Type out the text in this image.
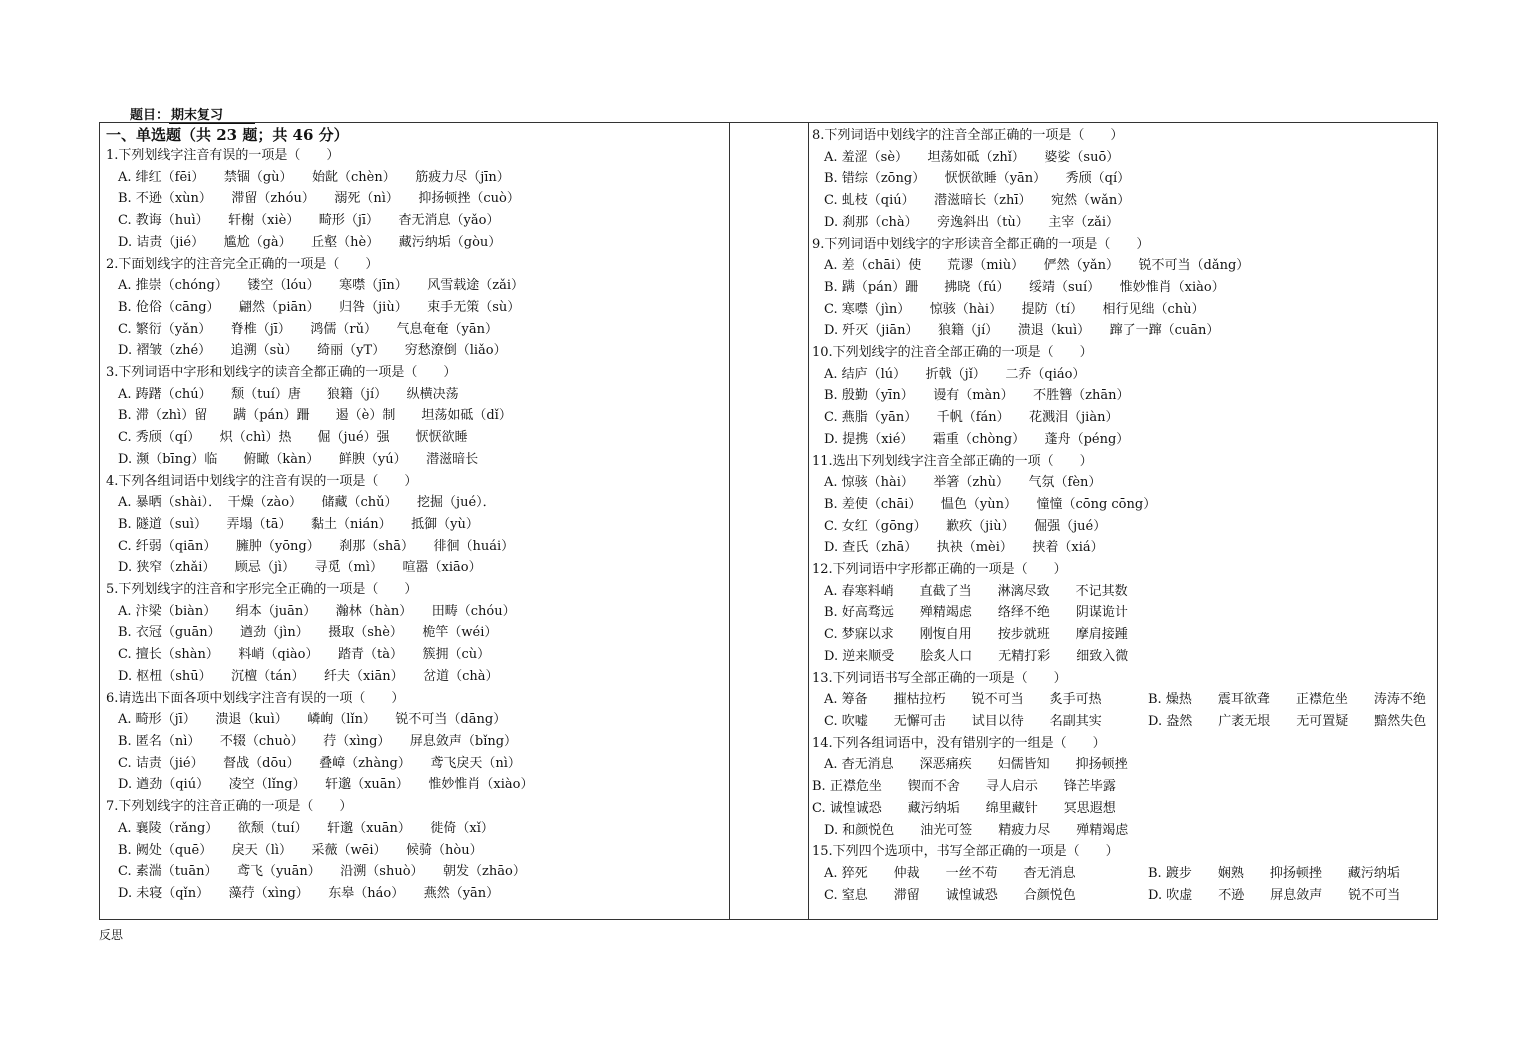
题目： 期末复习
一、单选题（共 23 题；共 46 分）
1.下列划线字注音有误的一项是（　　）
A. 绯红（fēi）　　禁锢（gù）　　始龀（chèn）　　筋疲力尽（jīn）
B. 不逊（xùn）　　滞留（zhóu）　　溺死（nì）　　抑扬顿挫（cuò）
C. 教诲（huì）　　轩榭（xiè）　　畸形（jī）　　杳无消息（yǎo）
D. 诘责（jié）　　尴尬（gà）　　丘壑（hè）　　藏污纳垢（gòu）
2.下面划线字的注音完全正确的一项是（　　）
A. 推崇（chóng）　　镂空（lóu）　　寒噤（jīn）　　风雪载途（zǎi）
B. 伧俗（cāng）　　翩然（piān）　　归咎（jiù）　　束手无策（sù）
C. 繁衍（yǎn）　　脊椎（jī）　　鸿儒（rǔ）　　气息奄奄（yān）
D. 褶皱（zhé）　　追溯（sù）　　绮丽（yT）　　穷愁潦倒（liǎo）
3.下列词语中字形和划线字的读音全都正确的一项是（　　）
A. 踌躇（chú）　　颓（tuí）唐　　狼籍（jí）　　纵横决荡
B. 滞（zhì）留　　蹒（pán）跚　　遏（è）制　　坦荡如砥（dǐ）
C. 秀颀（qí）　　炽（chì）热　　倔（jué）强　　恹恹欲睡
D. 濒（bīng）临　　俯瞰（kàn）　　鲜腴（yú）　　潜滋暗长
4.下列各组词语中划线字的注音有误的一项是（　　）
A. 暴晒（shài）．　干燥（zào）　　储藏（chǔ）　　挖掘（jué）．
B. 隧道（suì）　　弄塌（tā）　　黏土（nián）　　抵御（yù）
C. 纤弱（qiān）　　臃肿（yōng）　　刹那（shā）　　徘徊（huái）
D. 狭窄（zhǎi）　　顾忌（jì）　　寻觅（mì）　　喧嚣（xiāo）
5.下列划线字的注音和字形完全正确的一项是（　　）
A. 汴梁（biàn）　　绢本（juān）　　瀚林（hàn）　　田畴（chóu）
B. 衣冠（guān）　　遒劲（jìn）　　摄取（shè）　　桅竿（wéi）
C. 擅长（shàn）　　料峭（qiào）　　踏青（tà）　　簇拥（cù）
D. 枢杻（shū）　　沉檀（tán）　　纤夫（xiān）　　岔道（chà）
6.请选出下面各项中划线字注音有误的一项（　　）
A. 畸形（jī）　　溃退（kuì）　　嶙峋（lǐn）　　锐不可当（dāng）
B. 匿名（nì）　　不辍（chuò）　　荇（xìng）　　屏息敛声（bǐng）
C. 诘责（jié）　　督战（dōu）　　叠嶂（zhàng）　　鸢飞戾天（nì）
D. 遒劲（qiú）　　凌空（lǐng）　　轩邈（xuān）　　惟妙惟肖（xiào）
7.下列划线字的注音正确的一项是（　　）
A. 襄陵（rǎng）　　欲颓（tuí）　　轩邈（xuān）　　徙倚（xǐ）
B. 阙处（quē）　　戾天（lì）　　采薇（wēi）　　候骑（hòu）
C. 素湍（tuān）　　鸢飞（yuān）　　沿溯（shuò）　　朝发（zhāo）
D. 未寝（qǐn）　　藻荇（xìng）　　东皋（háo）　　燕然（yān）
8.下列词语中划线字的注音全部正确的一项是（　　）
A. 羞涩（sè）　　坦荡如砥（zhǐ）　　婆娑（suō）
B. 错综（zōng）　　恹恹欲睡（yān）　　秀颀（qí）
C. 虬枝（qiú）　　潜滋暗长（zhī）　　宛然（wǎn）
D. 刹那（chà）　　旁逸斜出（tù）　　主宰（zǎi）
9.下列词语中划线字的字形读音全都正确的一项是（　　）
A. 差（chāi）使　　荒谬（miù）　　俨然（yǎn）　　锐不可当（dǎng）
B. 蹒（pán）跚　　拂晓（fú）　　绥靖（suí）　　惟妙惟肖（xiào）
C. 寒噤（jìn）　　惊骇（hài）　　提防（tí）　　相行见绌（chù）
D. 歼灭（jiān）　　狼籍（jí）　　溃退（kuì）　　蹿了一蹿（cuān）
10.下列划线字的注音全部正确的一项是（　　）
A. 结庐（lú）　　折戟（jǐ）　　二乔（qiáo）
B. 殷勤（yīn）　　谩有（màn）　　不胜簪（zhān）
C. 燕脂（yān）　　千帆（fán）　　花溅泪（jiàn）
D. 提携（xié）　　霜重（chòng）　　蓬舟（péng）
11.选出下列划线字注音全部正确的一项（　　）
A. 惊骇（hài）　　举箸（zhù）　　气氛（fèn）
B. 差使（chāi）　　愠色（yùn）　　憧憧（cōng cōng）
C. 女红（gōng）　　歉疚（jiù）　　倔强（jué）
D. 查氏（zhā）　　执袂（mèi）　　挟着（xiá）
12.下列词语中字形都正确的一项是（　　）
A. 春寒料峭　　直截了当　　淋漓尽致　　不记其数
B. 好高骛远　　殚精竭虑　　络绎不绝　　阴谋诡计
C. 梦寐以求　　刚愎自用　　按步就班　　摩肩接踵
D. 逆来顺受　　脍炙人口　　无精打彩　　细致入微
13.下列词语书写全部正确的一项是（　　）
A. 筹备　　摧枯拉朽　　锐不可当　　炙手可热	B. 燥热　　震耳欲聋　　正襟危坐　　涛涛不绝
C. 吹嘘　　无懈可击　　试目以待　　名副其实	D. 盎然　　广袤无垠　　无可置疑　　黯然失色
14.下列各组词语中，没有错别字的一组是（　　）
A. 杳无消息　　深恶痛疾　　妇儒皆知　　抑扬顿挫
B. 正襟危坐　　锲而不舍　　寻人启示　　锋芒毕露
C. 诚惶诚恐　　藏污纳垢　　绵里藏针　　冥思遐想
D. 和颜悦色　　油光可签　　精疲力尽　　殚精竭虑
15.下列四个选项中，书写全部正确的一项是（　　）
A. 猝死　　仲裁　　一丝不苟　　杳无消息	B. 踱步　　娴熟　　抑扬顿挫　　藏污纳垢
C. 窒息　　滞留　　诚惶诚恐　　合颜悦色	D. 吹虚　　不逊　　屏息敛声　　锐不可当
反思
